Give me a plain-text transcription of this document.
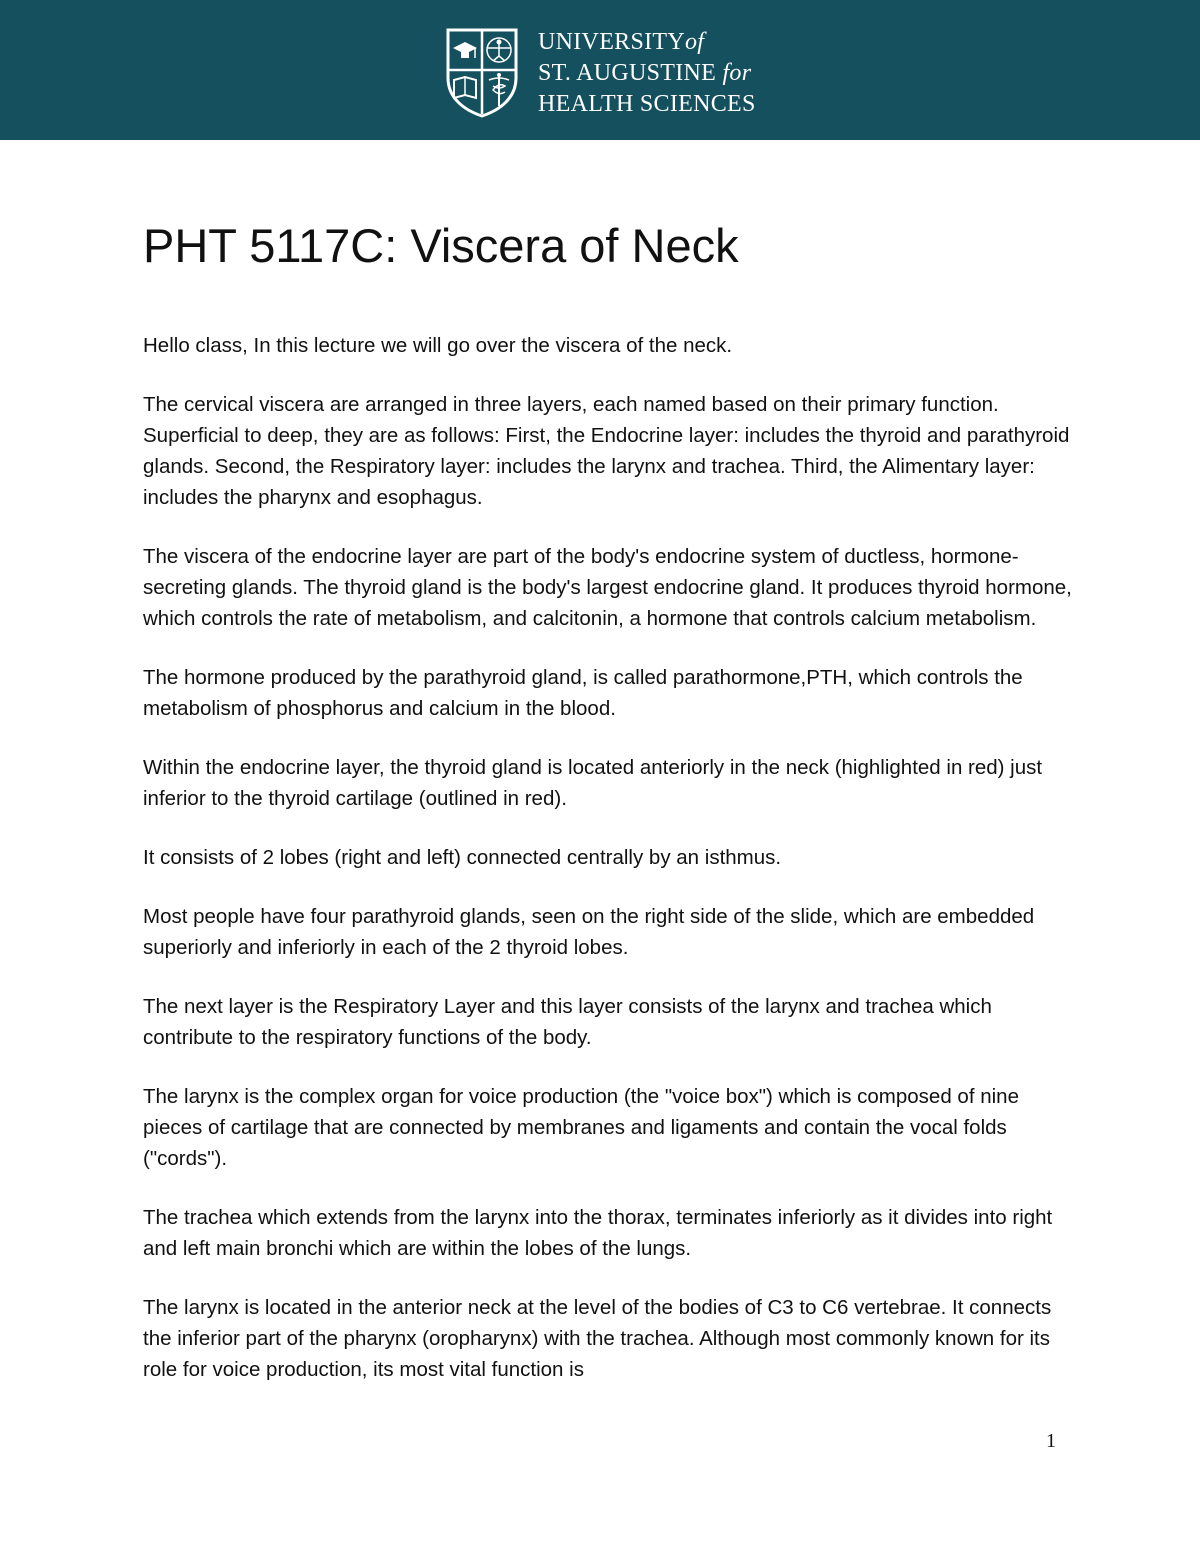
UNIVERSITYof
ST. AUGUSTINE for
HEALTH SCIENCES
PHT 5117C: Viscera of Neck

Hello class, In this lecture we will go over the viscera of the neck.

The cervical viscera are arranged in three layers, each named based on their primary function. Superficial to deep, they are as follows: First, the Endocrine layer: includes the thyroid and parathyroid glands. Second, the Respiratory layer: includes the larynx and trachea. Third, the Alimentary layer: includes the pharynx and esophagus.

The viscera of the endocrine layer are part of the body's endocrine system of ductless, hormone-secreting glands. The thyroid gland is the body's largest endocrine gland. It produces thyroid hormone, which controls the rate of metabolism, and calcitonin, a hormone that controls calcium metabolism.

The hormone produced by the parathyroid gland, is called parathormone,PTH, which controls the metabolism of phosphorus and calcium in the blood.

Within the endocrine layer, the thyroid gland is located anteriorly in the neck (highlighted in red) just inferior to the thyroid cartilage (outlined in red).

It consists of 2 lobes (right and left) connected centrally by an isthmus.

Most people have four parathyroid glands, seen on the right side of the slide, which are embedded superiorly and inferiorly in each of the 2 thyroid lobes.

The next layer is the Respiratory Layer and this layer consists of the larynx and trachea which contribute to the respiratory functions of the body.

The larynx is the complex organ for voice production (the "voice box") which is composed of nine pieces of cartilage that are connected by membranes and ligaments and contain the vocal folds ("cords").

The trachea which extends from the larynx into the thorax, terminates inferiorly as it divides into right and left main bronchi which are within the lobes of the lungs.

The larynx is located in the anterior neck at the level of the bodies of C3 to C6 vertebrae. It connects the inferior part of the pharynx (oropharynx) with the trachea. Although most commonly known for its role for voice production, its most vital function is

1
